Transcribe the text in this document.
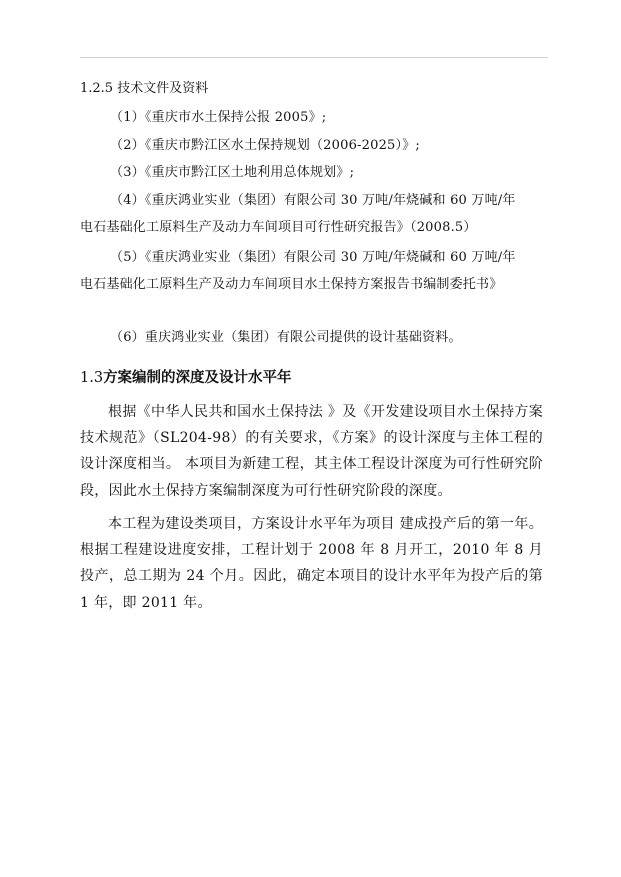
1.2.5 技术文件及资料
（1）《重庆市水土保持公报 2005》;
（2）《重庆市黔江区水土保持规划（2006-2025）》;
（3）《重庆市黔江区土地利用总体规划》;
（4）《重庆鸿业实业（集团）有限公司 30 万吨/年烧碱和 60 万吨/年
电石基础化工原料生产及动力车间项目可行性研究报告》（2008.5）
（5）《重庆鸿业实业（集团）有限公司 30 万吨/年烧碱和 60 万吨/年
电石基础化工原料生产及动力车间项目水土保持方案报告书编制委托书》
（6）重庆鸿业实业（集团）有限公司提供的设计基础资料。
1.3方案编制的深度及设计水平年

根据《中华人民共和国水土保持法 》及《开发建设项目水土保持方案技术规范》（SL204-98）的有关要求，《方案》的设计深度与主体工程的设计深度相当。 本项目为新建工程，其主体工程设计深度为可行性研究阶段，因此水土保持方案编制深度为可行性研究阶段的深度。

本工程为建设类项目，方案设计水平年为项目 建成投产后的第一年。根据工程建设进度安排，工程计划于 2008 年 8 月开工，2010 年 8 月投产，总工期为 24 个月。因此，确定本项目的设计水平年为投产后的第 1 年，即 2011 年。
